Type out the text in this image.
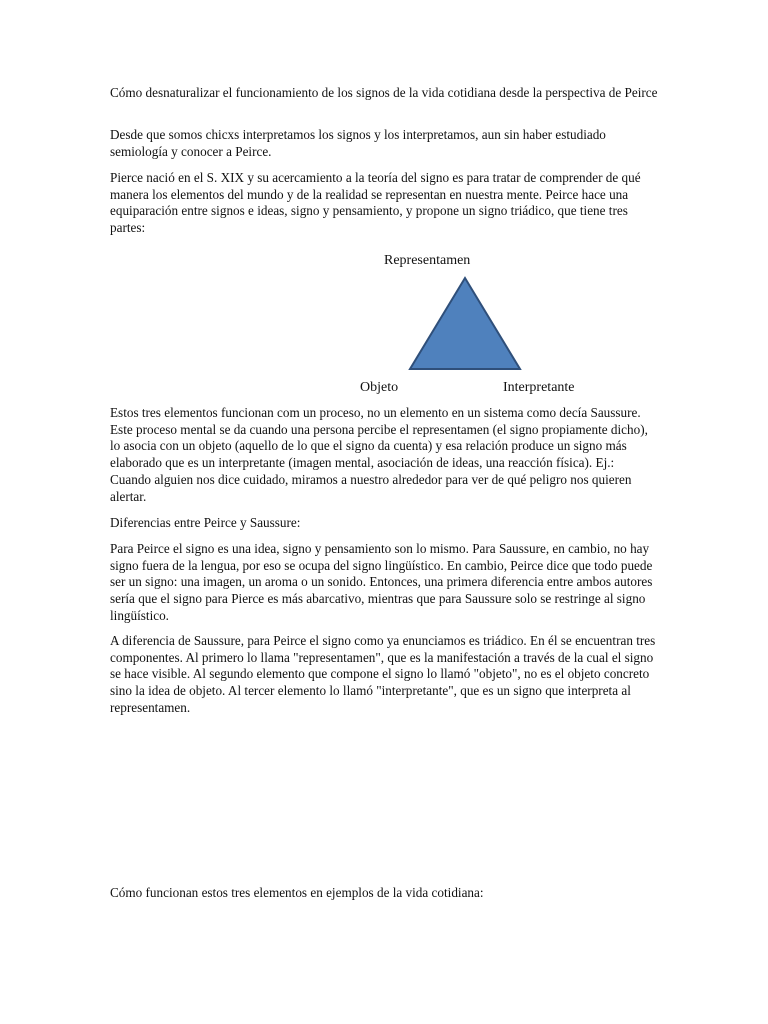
Cómo desnaturalizar el funcionamiento de los signos de la vida cotidiana desde la perspectiva de Peirce

Desde que somos chicxs interpretamos los signos y los interpretamos, aun sin haber estudiado semiología y conocer a Peirce.

Pierce nació en el S. XIX y su acercamiento a la teoría del signo es para tratar de comprender de qué manera los elementos del mundo y de la realidad se representan en nuestra mente. Peirce hace una equiparación entre signos e ideas, signo y pensamiento, y propone un signo triádico, que tiene tres partes:

Representamen
Objeto	Interpretante

Estos tres elementos funcionan com un proceso, no un elemento en un sistema como decía Saussure. Este proceso mental se da cuando una persona percibe el representamen (el signo propiamente dicho), lo asocia con un objeto (aquello de lo que el signo da cuenta) y esa relación produce un signo más elaborado que es un interpretante (imagen mental, asociación de ideas, una reacción física). Ej.: Cuando alguien nos dice cuidado, miramos a nuestro alrededor para ver de qué peligro nos quieren alertar.

Diferencias entre Peirce y Saussure:

Para Peirce el signo es una idea, signo y pensamiento son lo mismo. Para Saussure, en cambio, no hay signo fuera de la lengua, por eso se ocupa del signo lingüístico. En cambio, Peirce dice que todo puede ser un signo: una imagen, un aroma o un sonido. Entonces, una primera diferencia entre ambos autores sería que el signo para Pierce es más abarcativo, mientras que para Saussure solo se restringe al signo lingüístico.

A diferencia de Saussure, para Peirce el signo como ya enunciamos es triádico. En él se encuentran tres componentes. Al primero lo llama "representamen", que es la manifestación a través de la cual el signo se hace visible. Al segundo elemento que compone el signo lo llamó "objeto", no es el objeto concreto sino la idea de objeto. Al tercer elemento lo llamó "interpretante", que es un signo que interpreta al representamen.

Cómo funcionan estos tres elementos en ejemplos de la vida cotidiana:
